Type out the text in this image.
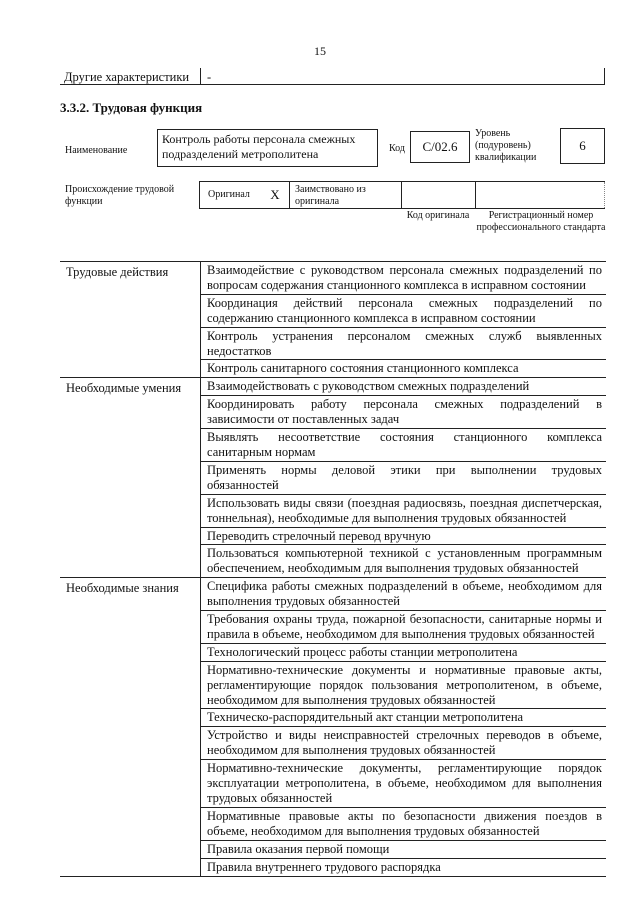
15
Другие характеристики -
3.3.2. Трудовая функция
Наименование
Контроль работы персонала смежных подразделений метрополитена	Код	С/02.6
Уровень (подуровень) квалификации
6
Происхождение трудовой функции
Оригинал	X	Заимствовано из оригинала
Код оригинала	Регистрационный номер профессионального стандарта
Трудовые действия	Взаимодействие с руководством персонала смежных подразделений по вопросам содержания станционного комплекса в исправном состоянии
Координация действий персонала смежных подразделений по содержанию станционного комплекса в исправном состоянии
Контроль устранения персоналом смежных служб выявленных недостатков
Контроль санитарного состояния станционного комплекса
Необходимые умения	Взаимодействовать с руководством смежных подразделений
Координировать работу персонала смежных подразделений в зависимости от поставленных задач
Выявлять несоответствие состояния станционного комплекса санитарным нормам
Применять нормы деловой этики при выполнении трудовых обязанностей
Использовать виды связи (поездная радиосвязь, поездная диспетчерская, тоннельная), необходимые для выполнения трудовых обязанностей
Переводить стрелочный перевод вручную
Пользоваться компьютерной техникой с установленным программным обеспечением, необходимым для выполнения трудовых обязанностей
Необходимые знания	Специфика работы смежных подразделений в объеме, необходимом для выполнения трудовых обязанностей
Требования охраны труда, пожарной безопасности, санитарные нормы и правила в объеме, необходимом для выполнения трудовых обязанностей
Технологический процесс работы станции метрополитена
Нормативно-технические документы и нормативные правовые акты, регламентирующие порядок пользования метрополитеном, в объеме, необходимом для выполнения трудовых обязанностей
Техническо-распорядительный акт станции метрополитена
Устройство и виды неисправностей стрелочных переводов в объеме, необходимом для выполнения трудовых обязанностей
Нормативно-технические документы, регламентирующие порядок эксплуатации метрополитена, в объеме, необходимом для выполнения трудовых обязанностей
Нормативные правовые акты по безопасности движения поездов в объеме, необходимом для выполнения трудовых обязанностей
Правила оказания первой помощи
Правила внутреннего трудового распорядка
